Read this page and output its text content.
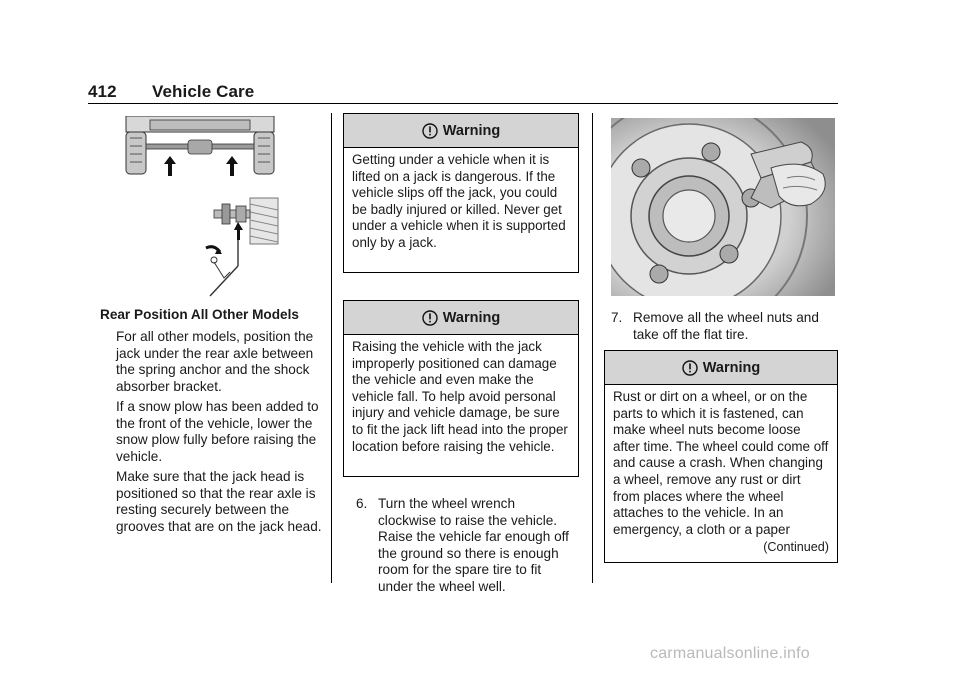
412 Vehicle Care
Rear Position All Other Models
For all other models, position the jack under the rear axle between the spring anchor and the shock absorber bracket.
If a snow plow has been added to the front of the vehicle, lower the snow plow fully before raising the vehicle.
Make sure that the jack head is positioned so that the rear axle is resting securely between the grooves that are on the jack head.
Warning
Getting under a vehicle when it is lifted on a jack is dangerous. If the vehicle slips off the jack, you could be badly injured or killed. Never get under a vehicle when it is supported only by a jack.
Warning
Raising the vehicle with the jack improperly positioned can damage the vehicle and even make the vehicle fall. To help avoid personal injury and vehicle damage, be sure to fit the jack lift head into the proper location before raising the vehicle.
6. Turn the wheel wrench clockwise to raise the vehicle. Raise the vehicle far enough off the ground so there is enough room for the spare tire to fit under the wheel well.
7. Remove all the wheel nuts and take off the flat tire.
Warning
Rust or dirt on a wheel, or on the parts to which it is fastened, can make wheel nuts become loose after time. The wheel could come off and cause a crash. When changing a wheel, remove any rust or dirt from places where the wheel attaches to the vehicle. In an emergency, a cloth or a paper
(Continued)
carmanualsonline.info
